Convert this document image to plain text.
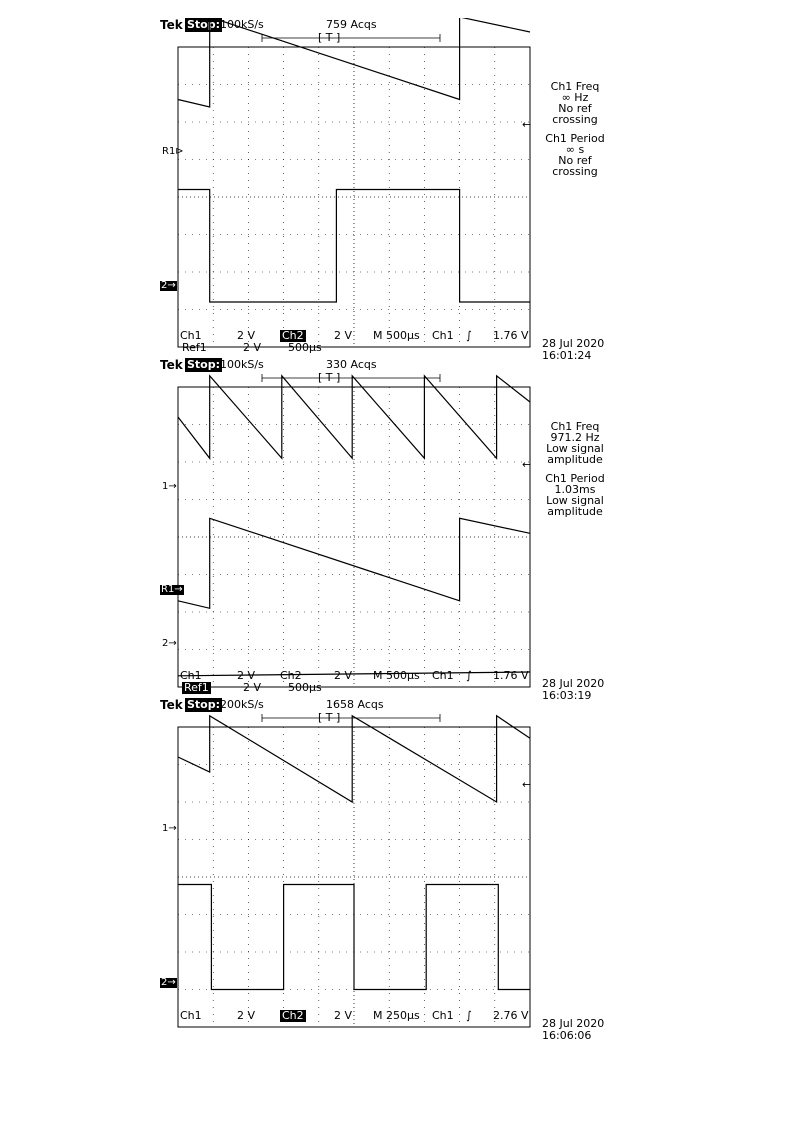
Tek Stop: 100kS/s	759 Acqs
[ T ]
←
R1⊳
2→
Ch1 Freq
∞ Hz
No ref
crossing
Ch1 Period
∞ s
No ref
crossing
Ch1	2 V Ch2	2 V M 500µs Ch1	1.76 V
∫
Ref1	2 V 500µs	28 Jul 2020
16:01:24
Tek Stop: 100kS/s	330 Acqs
[ T ]
←
1→
R1→
2→
Ch1 Freq
971.2 Hz
Low signal
amplitude
Ch1 Period
1.03ms
Low signal
amplitude
Ch1	2 V Ch2	2 V M 500µs Ch1	1.76 V
∫
Ref1	2 V 500µs	28 Jul 2020
16:03:19
Tek Stop: 200kS/s	1658 Acqs
[ T ]
←
1→
2→
Ch1	2 V Ch2	2 V M 250µs Ch1	2.76 V
∫
28 Jul 2020
16:06:06
